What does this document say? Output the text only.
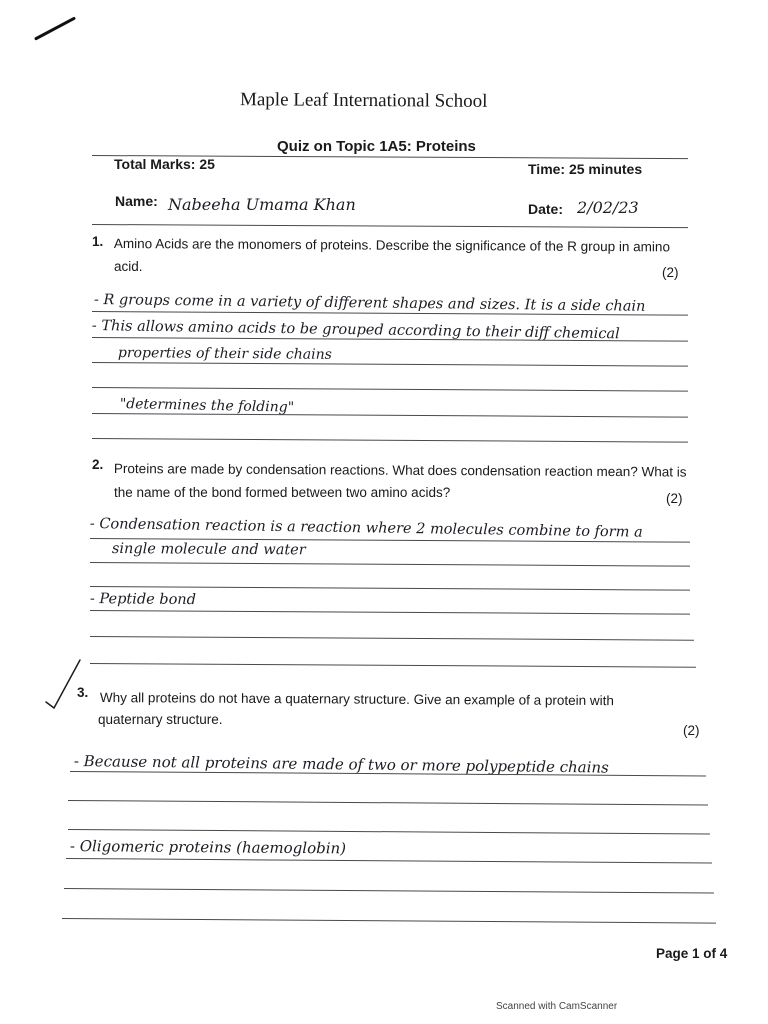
Maple Leaf International School
Quiz on Topic 1A5: Proteins
Total Marks: 25	Time: 25 minutes
Name: Nabeeha Umama Khan	Date: 2/02/23
1. Amino Acids are the monomers of proteins. Describe the significance of the R group in amino
acid.	(2)
- R groups come in a variety of different shapes and sizes. It is a side chain
- This allows amino acids to be grouped according to their diff chemical
properties of their side chains
"determines the folding"
2. Proteins are made by condensation reactions. What does condensation reaction mean? What is
the name of the bond formed between two amino acids?	(2)
- Condensation reaction is a reaction where 2 molecules combine to form a
single molecule and water
- Peptide bond
3. Why all proteins do not have a quaternary structure. Give an example of a protein with
quaternary structure.
(2)
- Because not all proteins are made of two or more polypeptide chains
- Oligomeric proteins (haemoglobin)
Page 1 of 4
Scanned with CamScanner
